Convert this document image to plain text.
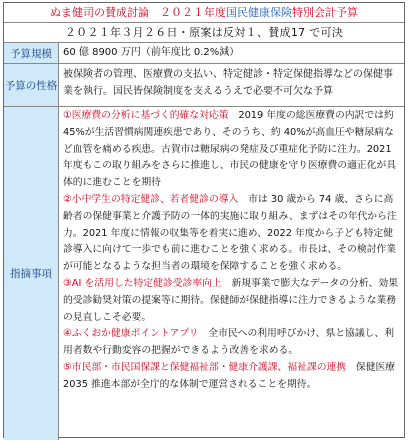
ぬま健司の賛成討論　２０２１年度国民健康保険特別会計予算
２０２１年３月２６日・原案は反対１、賛成17 で可決
予算規模	60 億 8900 万円（前年度比 0.2%減）
予算の性格
被保険者の管理、医療費の支払い、特定健診・特定保健指導などの保健事業を執行。国民皆保険制度を支えるうえで必要不可欠な予算
指摘事項

①医療費の分析に基づく的確な対応策　2019 年度の総医療費の内訳では約 45%が生活習慣病関連疾患であり、そのうち、約 40%が高血圧や糖尿病など血管を痛める疾患。古賀市は糖尿病の発症及び重症化予防に注力。2021 年度もこの取り組みをさらに推進し、市民の健康を守り医療費の適正化が具体的に進むことを期待

②小中学生の特定健診、若者健診の導入　市は 30 歳から 74 歳、さらに高齢者の保健事業と介護予防の一体的実施に取り組み、まずはその年代から注力。2021 年度に情報の収集等を着実に進め、2022 年度から子ども特定健診導入に向けて一歩でも前に進むことを強く求める。市長は、その検討作業が可能となるような担当者の環境を保障することを強く求める。

③AI を活用した特定健診受診率向上　新規事業で膨大なデータの分析、効果的受診勧奨対策の提案等に期待。保健師が保健指導に注力できるような業務の見直しこそ必要。

④ふくおか健康ポイントアプリ　全市民への利用呼びかけ、県と協議し、利用者数や行動変容の把握ができるよう改善を求める。

⑤市民部・市民国保課と保健福祉部・健康介護課、福祉課の連携　保健医療 2035 推進本部が全庁的な体制で運営されることを期待。
